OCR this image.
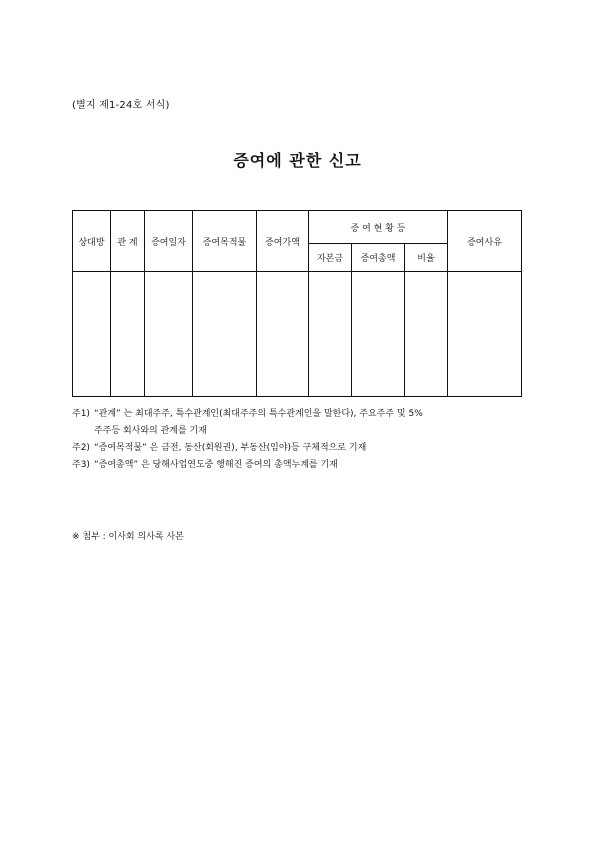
(별지 제1-24호 서식)
증여에 관한 신고
상대방	관 계	증여일자	증여목적물	증여가액	증 여 현 황 등			증여사유
					자본금	증여총액	비율	

주1) “관계” 는 최대주주, 특수관계인(최대주주의 특수관계인을 말한다), 주요주주 및 5%
주주등 회사와의 관계를 기재
주2) “증여목적물” 은 금전, 동산(회원권), 부동산(임야)등 구체적으로 기재
주3) “증여총액” 은 당해사업연도중 행해진 증여의 총액누계를 기재
※ 첨부 : 이사회 의사록 사본
